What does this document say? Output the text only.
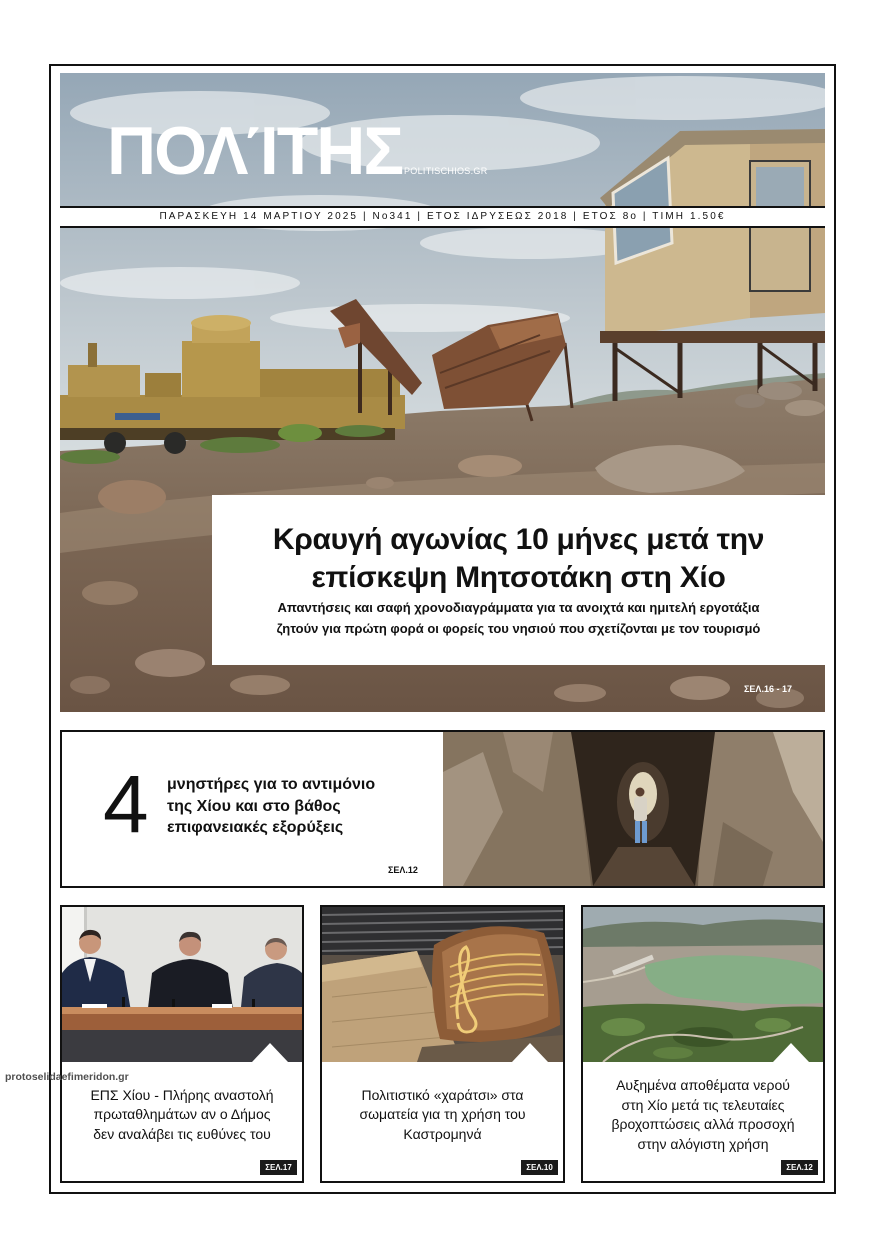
ΠΟΛΊΤΗΣ POLITISCHIOS.GR
ΠΑΡΑΣΚΕΥΗ 14 ΜΑΡΤΙΟΥ 2025 | Νο341 | ΕΤΟΣ ΙΔΡΥΣΕΩΣ 2018 | ΕΤΟΣ 8ο | ΤΙΜΗ 1.50€
Κραυγή αγωνίας 10 μήνες μετά την
επίσκεψη Μητσοτάκη στη Χίο
Απαντήσεις και σαφή χρονοδιαγράμματα για τα ανοιχτά και ημιτελή εργοτάξια
ζητούν για πρώτη φορά οι φορείς του νησιού που σχετίζονται με τον τουρισμό
ΣΕΛ.16 - 17
4 μνηστήρες για το αντιμόνιο
της Χίου και στο βάθος
επιφανειακές εξορύξεις
ΣΕΛ.12
ΕΠΣ Χίου - Πλήρης αναστολή
πρωταθλημάτων αν ο Δήμος
δεν αναλάβει τις ευθύνες του
ΣΕΛ.17
Πολιτιστικό «χαράτσι» στα
σωματεία για τη χρήση του
Καστρομηνά
ΣΕΛ.10
Αυξημένα αποθέματα νερού
στη Χίο μετά τις τελευταίες
βροχοπτώσεις αλλά προσοχή
στην αλόγιστη χρήση
ΣΕΛ.12
protoselidaefimeridon.gr
